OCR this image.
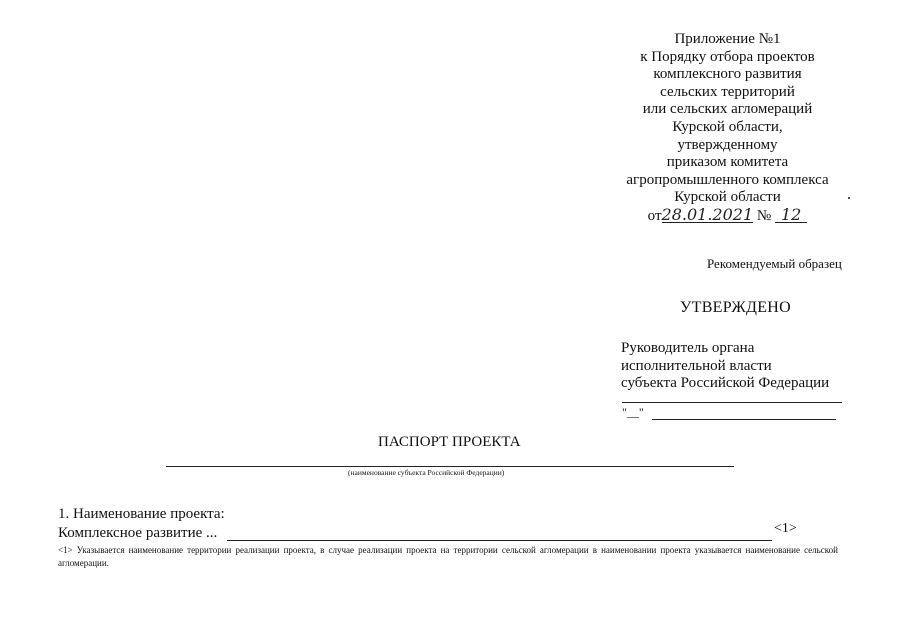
Приложение №1
к Порядку отбора проектов
комплексного развития
сельских территорий
или сельских агломераций
Курской области,
утвержденному
приказом комитета
агропромышленного комплекса
Курской области
от28.01.2021 № 12
Рекомендуемый образец
УТВЕРЖДЕНО
Руководитель органа
исполнительной власти
субъекта Российской Федерации
"__"
ПАСПОРТ ПРОЕКТА
(наименование субъекта Российской Федерации)
1. Наименование проекта:
Комплексное развитие ...	<1>
<1> Указывается наименование территории реализации проекта, в случае реализации проекта на территории сельской агломерации в наименовании проекта указывается наименование сельской агломерации.
